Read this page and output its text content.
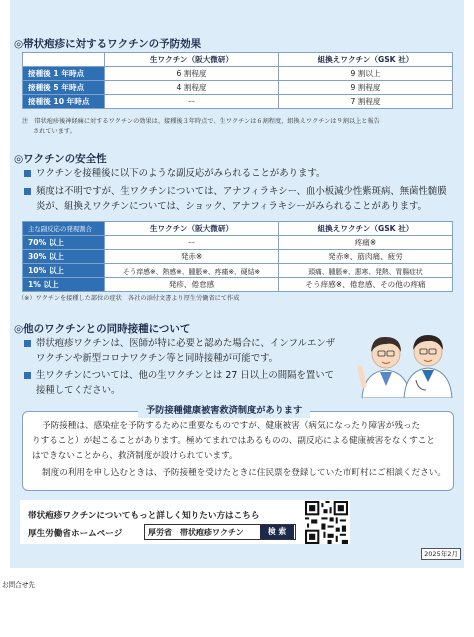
◎帯状疱疹に対するワクチンの予防効果
	生ワクチン（阪大微研）	組換えワクチン（GSK 社）
接種後 1 年時点	6 割程度	9 割以上
接種後 5 年時点	4 割程度	9 割程度
接種後 10 年時点	ー	7 割程度
注　帯状疱疹後神経痛に対するワクチンの効果は、接種後３年時点で、生ワクチンは６割程度、組換えワクチンは９割以上と報告
されています。
◎ワクチンの安全性
ワクチンを接種後に以下のような副反応がみられることがあります。
頻度は不明ですが、生ワクチンについては、アナフィラキシー、血小板減少性紫斑病、無菌性髄膜
炎が、組換えワクチンについては、ショック、アナフィラキシーがみられることがあります。
主な副反応の発現割合	生ワクチン（阪大微研）	組換えワクチン（GSK 社）
70% 以上	ー	疼痛※
30% 以上	発赤※	発赤※、筋肉痛、疲労
10% 以上	そう痒感※、熱感※、腫脹※、疼痛※、硬結※	頭痛、腫脹※、悪寒、発熱、胃腸症状
1% 以上	発疹、倦怠感	そう痒感※、倦怠感、その他の疼痛
（※）ワクチンを接種した部位の症状　各社の添付文書より厚生労働省にて作成
◎他のワクチンとの同時接種について
帯状疱疹ワクチンは、医師が特に必要と認めた場合に、インフルエンザ
ワクチンや新型コロナワクチン等と同時接種が可能です。
生ワクチンについては、他の生ワクチンとは 27 日以上の間隔を置いて
接種してください。
予防接種健康被害救済制度があります
予防接種は、感染症を予防するために重要なものですが、健康被害（病気になったり障害が残った
りすること）が起こることがあります。極めてまれではあるものの、副反応による健康被害をなくすこと
はできないことから、救済制度が設けられています。
制度の利用を申し込むときは、予防接種を受けたときに住民票を登録していた市町村にご相談ください。
帯状疱疹ワクチンについてもっと詳しく知りたい方はこちら
厚生労働省ホームページ	厚労省　帯状疱疹ワクチン	検 索
2025年2月
お問合せ先
